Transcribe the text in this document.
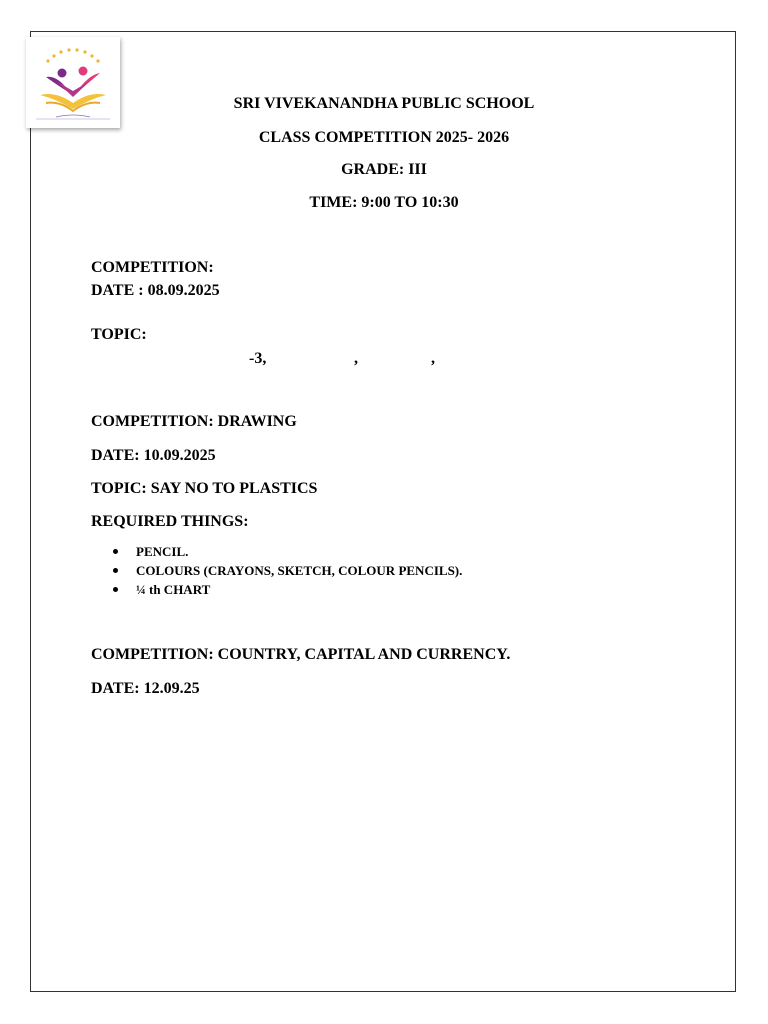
SRI VIVEKANANDHA PUBLIC SCHOOL
CLASS COMPETITION 2025- 2026
GRADE: III
TIME: 9:00 TO 10:30
COMPETITION:
DATE : 08.09.2025
TOPIC:
-3,	,	,
COMPETITION: DRAWING
DATE: 10.09.2025
TOPIC: SAY NO TO PLASTICS
REQUIRED THINGS:
PENCIL.
COLOURS (CRAYONS, SKETCH, COLOUR PENCILS).
¼ th CHART
COMPETITION: COUNTRY, CAPITAL AND CURRENCY.
DATE: 12.09.25
